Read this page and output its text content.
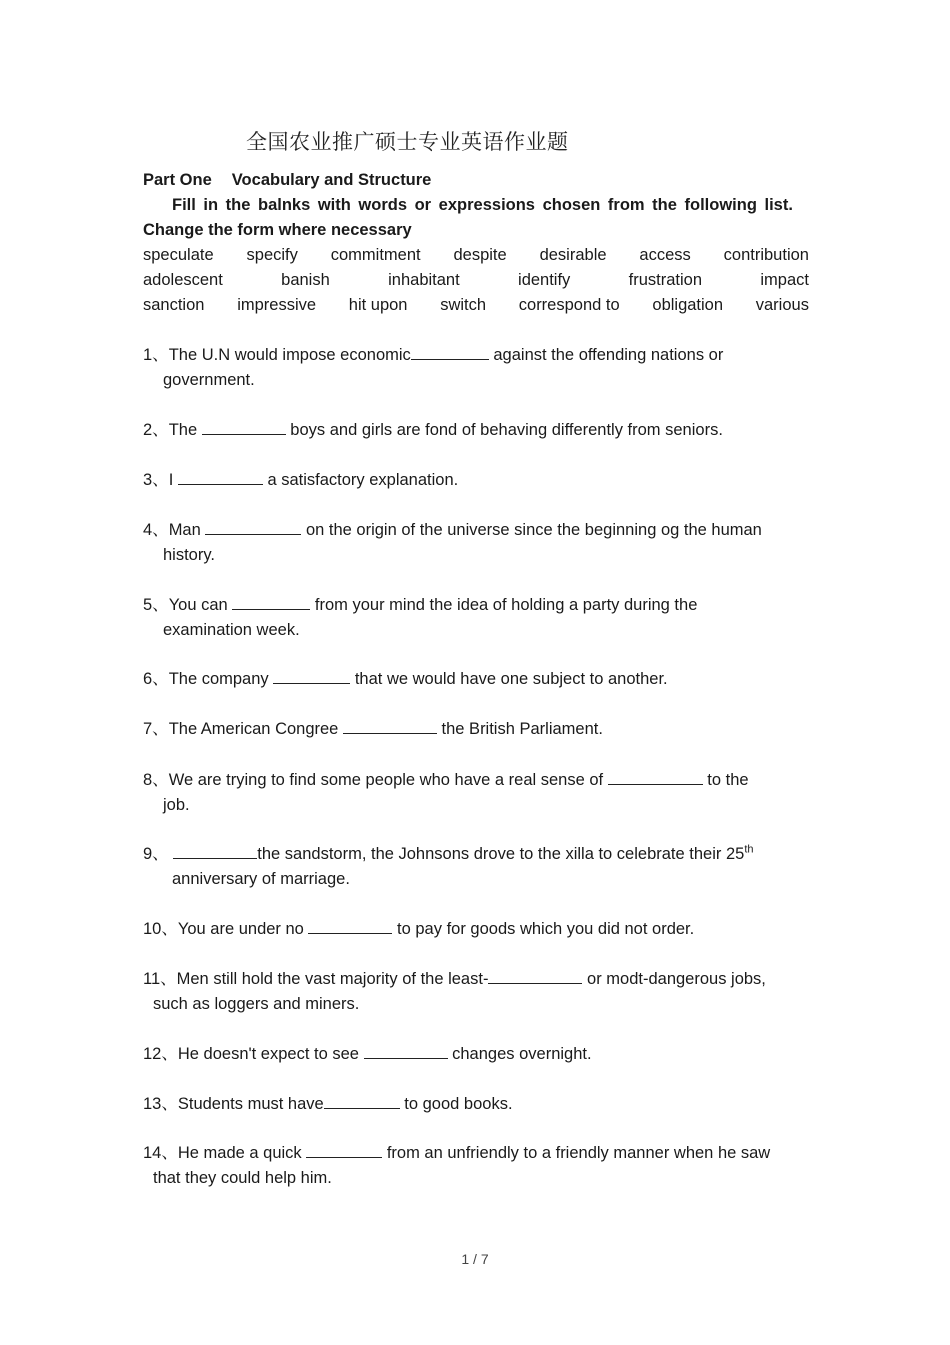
全国农业推广硕士专业英语作业题
Part One Vocabulary and Structure
Fill in the balnks with words or expressions chosen from the following list.
Change the form where necessary
speculate specify commitment despite desirable access contribution
adolescent	banish	inhabitant	identify	frustration	impact
sanction impressive hit upon switch correspond to obligation various
1、The U.N would impose economic	against the offending nations or
government.
2、The	boys and girls are fond of behaving differently from seniors.
3、I	a satisfactory explanation.
4、Man	on the origin of the universe since the beginning og the human
history.
5、You can	from your mind the idea of holding a party during the
examination week.
6、The company	that we would have one subject to another.
7、The American Congree	the British Parliament.
8、We are trying to find some people who have a real sense of	to the
job.
9、	the sandstorm, the Johnsons drove to the xilla to celebrate their 25th
anniversary of marriage.
10、You are under no	to pay for goods which you did not order.
11、Men still hold the vast majority of the least-	or modt-dangerous jobs,
such as loggers and miners.
12、He doesn't expect to see	changes overnight.
13、Students must have	to good books.
14、He made a quick	from an unfriendly to a friendly manner when he saw
that they could help him.
1 / 7
